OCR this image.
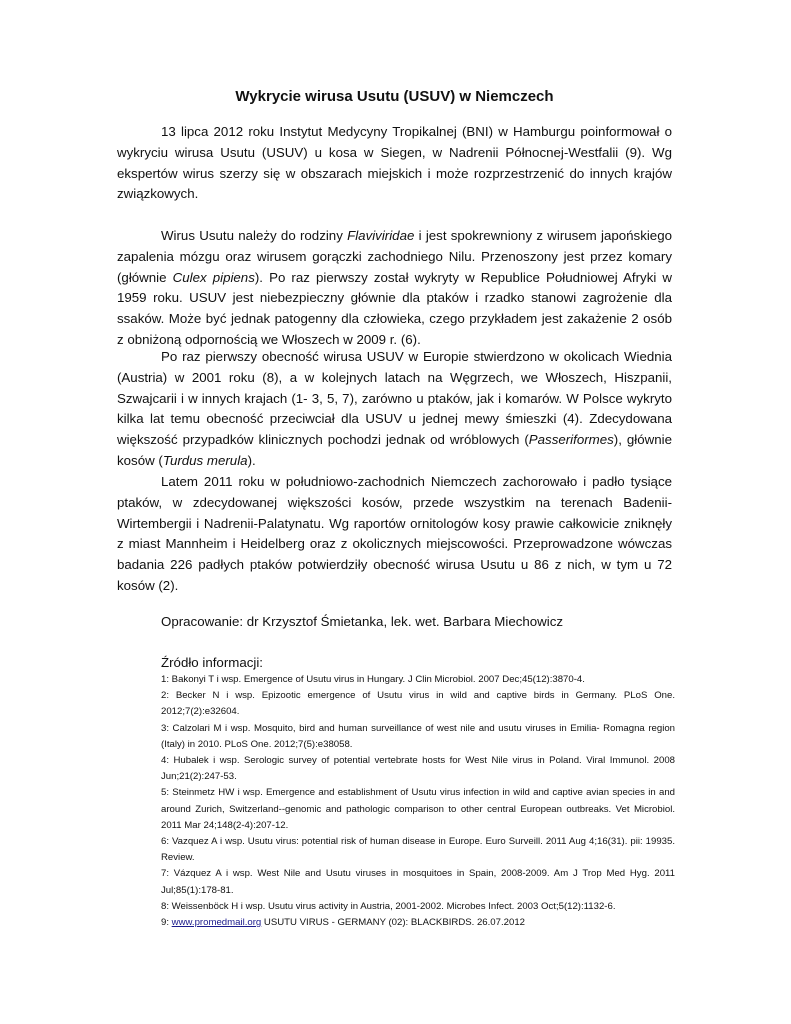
Wykrycie wirusa Usutu (USUV) w Niemczech

13 lipca 2012 roku Instytut Medycyny Tropikalnej (BNI) w Hamburgu poinformował o wykryciu wirusa Usutu (USUV) u kosa w Siegen, w Nadrenii Północnej-Westfalii (9). Wg ekspertów wirus szerzy się w obszarach miejskich i może rozprzestrzenić do innych krajów związkowych.

Wirus Usutu należy do rodziny Flaviviridae i jest spokrewniony z wirusem japońskiego zapalenia mózgu oraz wirusem gorączki zachodniego Nilu. Przenoszony jest przez komary (głównie Culex pipiens). Po raz pierwszy został wykryty w Republice Południowej Afryki w 1959 roku. USUV jest niebezpieczny głównie dla ptaków i rzadko stanowi zagrożenie dla ssaków. Może być jednak patogenny dla człowieka, czego przykładem jest zakażenie 2 osób z obniżoną odpornością we Włoszech w 2009 r. (6).

Po raz pierwszy obecność wirusa USUV w Europie stwierdzono w okolicach Wiednia (Austria) w 2001 roku (8), a w kolejnych latach na Węgrzech, we Włoszech, Hiszpanii, Szwajcarii i w innych krajach (1- 3, 5, 7), zarówno u ptaków, jak i komarów. W Polsce wykryto kilka lat temu obecność przeciwciał dla USUV u jednej mewy śmieszki (4). Zdecydowana większość przypadków klinicznych pochodzi jednak od wróblowych (Passeriformes), głównie kosów (Turdus merula).

Latem 2011 roku w południowo-zachodnich Niemczech zachorowało i padło tysiące ptaków, w zdecydowanej większości kosów, przede wszystkim na terenach Badenii-Wirtembergii i Nadrenii-Palatynatu. Wg raportów ornitologów kosy prawie całkowicie zniknęły z miast Mannheim i Heidelberg oraz z okolicznych miejscowości. Przeprowadzone wówczas badania 226 padłych ptaków potwierdziły obecność wirusa Usutu u 86 z nich, w tym u 72 kosów (2).

Opracowanie: dr Krzysztof Śmietanka, lek. wet. Barbara Miechowicz

Źródło informacji:

1: Bakonyi T i wsp. Emergence of Usutu virus in Hungary. J Clin Microbiol. 2007 Dec;45(12):3870-4.
2: Becker N i wsp. Epizootic emergence of Usutu virus in wild and captive birds in Germany. PLoS One. 2012;7(2):e32604.
3: Calzolari M i wsp. Mosquito, bird and human surveillance of west nile and usutu viruses in Emilia- Romagna region (Italy) in 2010. PLoS One. 2012;7(5):e38058.
4: Hubalek i wsp. Serologic survey of potential vertebrate hosts for West Nile virus in Poland. Viral Immunol. 2008 Jun;21(2):247-53.
5: Steinmetz HW i wsp. Emergence and establishment of Usutu virus infection in wild and captive avian species in and around Zurich, Switzerland--genomic and pathologic comparison to other central European outbreaks. Vet Microbiol. 2011 Mar 24;148(2-4):207-12.
6: Vazquez A i wsp. Usutu virus: potential risk of human disease in Europe. Euro Surveill. 2011 Aug 4;16(31). pii: 19935. Review.
7: Vázquez A i wsp. West Nile and Usutu viruses in mosquitoes in Spain, 2008-2009. Am J Trop Med Hyg. 2011 Jul;85(1):178-81.
8: Weissenböck H i wsp. Usutu virus activity in Austria, 2001-2002. Microbes Infect. 2003 Oct;5(12):1132-6.
9: www.promedmail.org USUTU VIRUS - GERMANY (02): BLACKBIRDS. 26.07.2012
